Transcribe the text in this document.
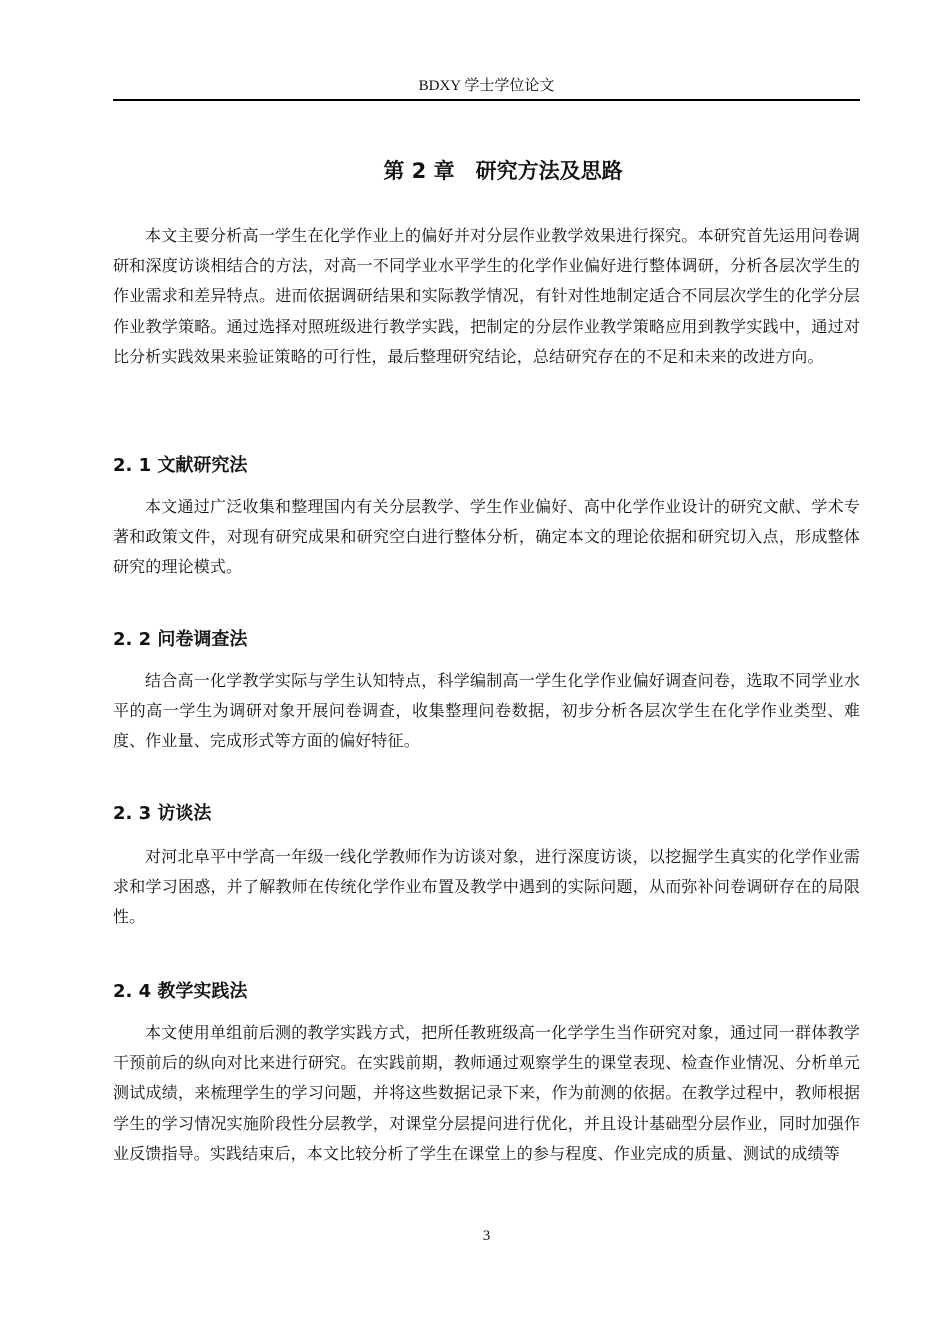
BDXY 学士学位论文
第 2 章　研究方法及思路

本文主要分析高一学生在化学作业上的偏好并对分层作业教学效果进行探究。本研究首先运用问卷调研和深度访谈相结合的方法，对高一不同学业水平学生的化学作业偏好进行整体调研，分析各层次学生的作业需求和差异特点。进而依据调研结果和实际教学情况，有针对性地制定适合不同层次学生的化学分层作业教学策略。通过选择对照班级进行教学实践，把制定的分层作业教学策略应用到教学实践中，通过对比分析实践效果来验证策略的可行性，最后整理研究结论，总结研究存在的不足和未来的改进方向。

2. 1 文献研究法

本文通过广泛收集和整理国内有关分层教学、学生作业偏好、高中化学作业设计的研究文献、学术专著和政策文件，对现有研究成果和研究空白进行整体分析，确定本文的理论依据和研究切入点，形成整体研究的理论模式。

2. 2 问卷调查法

结合高一化学教学实际与学生认知特点，科学编制高一学生化学作业偏好调查问卷，选取不同学业水平的高一学生为调研对象开展问卷调查，收集整理问卷数据，初步分析各层次学生在化学作业类型、难度、作业量、完成形式等方面的偏好特征。

2. 3 访谈法

对河北阜平中学高一年级一线化学教师作为访谈对象，进行深度访谈，以挖掘学生真实的化学作业需求和学习困惑，并了解教师在传统化学作业布置及教学中遇到的实际问题，从而弥补问卷调研存在的局限性。

2. 4 教学实践法

本文使用单组前后测的教学实践方式，把所任教班级高一化学学生当作研究对象，通过同一群体教学干预前后的纵向对比来进行研究。在实践前期，教师通过观察学生的课堂表现、检查作业情况、分析单元测试成绩，来梳理学生的学习问题，并将这些数据记录下来，作为前测的依据。在教学过程中，教师根据学生的学习情况实施阶段性分层教学，对课堂分层提问进行优化，并且设计基础型分层作业，同时加强作业反馈指导。实践结束后，本文比较分析了学生在课堂上的参与程度、作业完成的质量、测试的成绩等

3
